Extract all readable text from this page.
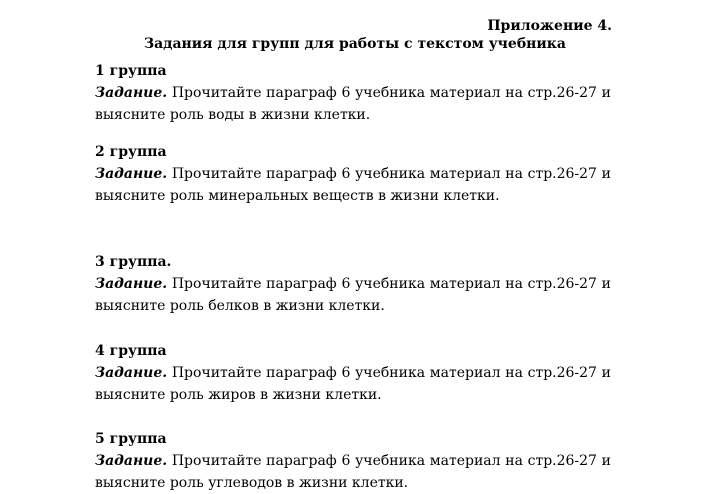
Приложение 4.
Задания для групп для работы с текстом учебника
1 группа
Задание. Прочитайте параграф 6 учебника материал на стр.26-27 и выясните роль воды в жизни клетки.
2 группа
Задание. Прочитайте параграф 6 учебника материал на стр.26-27 и выясните роль минеральных веществ в жизни клетки.
3 группа.
Задание. Прочитайте параграф 6 учебника материал на стр.26-27 и выясните роль белков в жизни клетки.
4 группа
Задание. Прочитайте параграф 6 учебника материал на стр.26-27 и выясните роль жиров в жизни клетки.
5 группа
Задание. Прочитайте параграф 6 учебника материал на стр.26-27 и выясните роль углеводов в жизни клетки.
